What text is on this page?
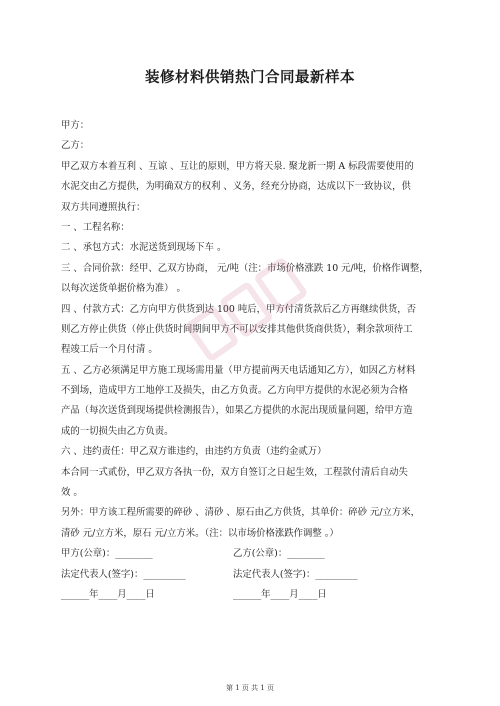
装修材料供销热门合同最新样本
甲方：
乙方：
甲乙双方本着互利 、互谅 、互让的原则，甲方将天泉. 聚龙新一期 A 标段需要使用的
水泥交由乙方提供，为明确双方的权利 、义务，经充分协商，达成以下一致协议，供
双方共同遵照执行：
一 、工程名称：
二 、承包方式：水泥送货到现场下车 。
三 、合同价款：经甲、乙双方协商， 元/吨（注：市场价格涨跌 10 元/吨，价格作调整，
以每次送货单据价格为准） 。
四 、付款方式：乙方向甲方供货到达 100 吨后，甲方付清货款后乙方再继续供货，否
则乙方停止供货（停止供货时间期间甲方不可以安排其他供货商供货），剩余款项待工
程竣工后一个月付清 。
五 、乙方必须满足甲方施工现场需用量（甲方提前两天电话通知乙方），如因乙方材料
不到场，造成甲方工地停工及损失，由乙方负责。乙方向甲方提供的水泥必须为合格
产品（每次送货到现场提供检测报告），如果乙方提供的水泥出现质量问题，给甲方造
成的一切损失由乙方负责。
六 、违约责任：甲乙双方谁违约，由违约方负责（违约金贰万）
本合同一式贰份，甲乙双方各执一份，双方自签订之日起生效，工程款付清后自动失
效 。
另外：甲方该工程所需要的碎砂 、清砂 、原石由乙方供货，其单价：碎砂 元/立方米，
清砂 元/立方米，原石 元/立方米。（注：以市场价格涨跌作调整 。）
甲方(公章)：________	乙方(公章)：________
法定代表人(签字)：_________	法定代表人(签字)：_________
______年____月____日	______年____月____日
第 1 页 共 1 页
